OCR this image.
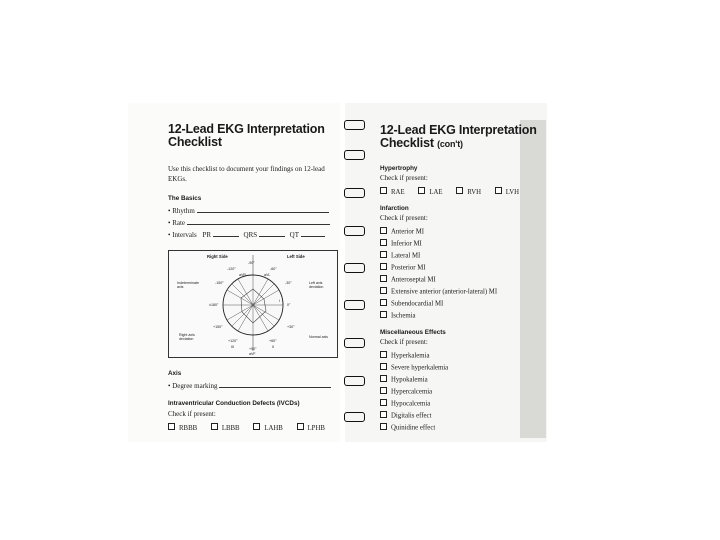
12-Lead EKG Interpretation
Checklist
Use this checklist to document your findings on 12-lead
EKGs.
The Basics
• Rhythm
• Rate
• Intervals PR	QRS	QT
Right Side	Left Side
Indeterminate
axis
Left axis
deviation
Right axis
deviation	Normal axis
-90°
-120°	-60°
-150°	-30°
±180°	0°
+150°	+30°
+120°	+60°
+90°
aVR	aVL
I
III
aVF
II
Axis
• Degree marking
Intraventricular Conduction Defects (IVCDs)
Check if present:
RBBB	LBBB	LAHB	LPHB
12-Lead EKG Interpretation
Checklist (con't)
Hypertrophy
Check if present:
RAE	LAE	RVH	LVH
Infarction
Check if present:
Anterior MI
Inferior MI
Lateral MI
Posterior MI
Anteroseptal MI
Extensive anterior (anterior-lateral) MI
Subendocardial MI
Ischemia
Miscellaneous Effects
Check if present:
Hyperkalemia
Severe hyperkalemia
Hypokalemia
Hypercalcemia
Hypocalcemia
Digitalis effect
Quinidine effect
